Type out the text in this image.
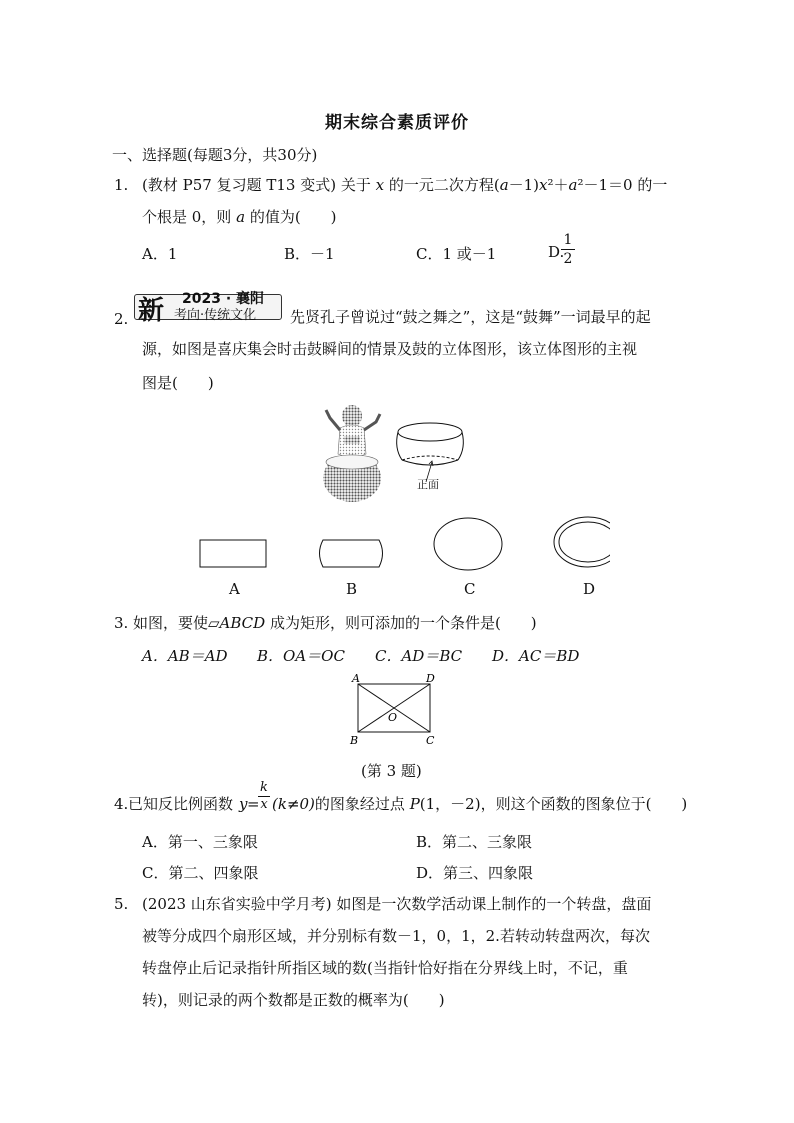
期末综合素质评价
一、选择题(每题3分，共30分)
1. (教材 P57 复习题 T13 变式) 关于 x 的一元二次方程(a－1)x²＋a²－1＝0 的一
个根是 0，则 a 的值为(　　)
A．1	B．－1	C．1 或－1	D.
1
2
2. 新 2023 · 襄阳
考向·传统文化 先贤孔子曾说过“鼓之舞之”，这是“鼓舞”一词最早的起
源，如图是喜庆集会时击鼓瞬间的情景及鼓的立体图形，该立体图形的主视
图是(　　)
正面
A	B	C	D
3. 如图，要使▱ABCD 成为矩形，则可添加的一个条件是(　　)
A．AB＝AD B．OA＝OC C．AD＝BC D．AC＝BD
A	D
B	C
O
(第 3 题)
4. 已知反比例函数 y =
k
x (k≠0)的图象经过点 P(1，－2)，则这个函数的图象位于(　　)
A．第一、三象限	B．第二、三象限
C．第二、四象限	D．第三、四象限
5. (2023 山东省实验中学月考) 如图是一次数学活动课上制作的一个转盘，盘面
被等分成四个扇形区域，并分别标有数－1，0，1，2.若转动转盘两次，每次
转盘停止后记录指针所指区域的数(当指针恰好指在分界线上时，不记，重
转)，则记录的两个数都是正数的概率为(　　)
